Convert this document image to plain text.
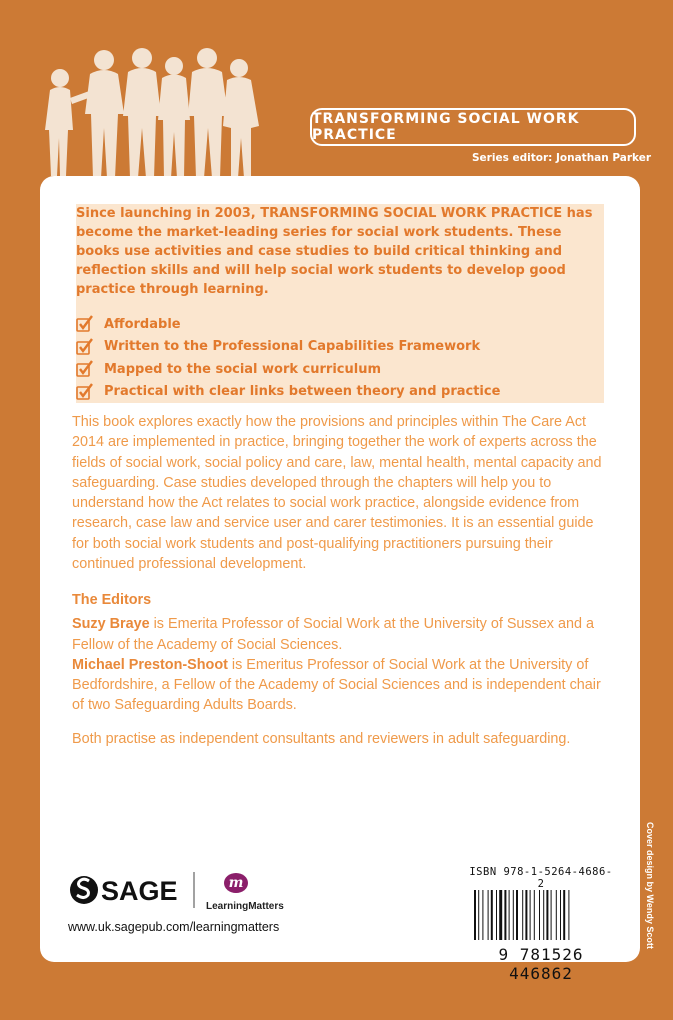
TRANSFORMING SOCIAL WORK PRACTICE
Series editor: Jonathan Parker

Since launching in 2003, TRANSFORMING SOCIAL WORK PRACTICE has become the market-leading series for social work students. These books use activities and case studies to build critical thinking and reflection skills and will help social work students to develop good practice through learning.

Affordable
Written to the Professional Capabilities Framework
Mapped to the social work curriculum
Practical with clear links between theory and practice

This book explores exactly how the provisions and principles within The Care Act 2014 are implemented in practice, bringing together the work of experts across the fields of social work, social policy and care, law, mental health, mental capacity and safeguarding. Case studies developed through the chapters will help you to understand how the Act relates to social work practice, alongside evidence from research, case law and service user and carer testimonies. It is an essential guide for both social work students and post-qualifying practitioners pursuing their continued professional development.

The Editors

Suzy Braye is Emerita Professor of Social Work at the University of Sussex and a Fellow of the Academy of Social Sciences.

Michael Preston-Shoot is Emeritus Professor of Social Work at the University of Bedfordshire, a Fellow of the Academy of Social Sciences and is independent chair of two Safeguarding Adults Boards.

Both practise as independent consultants and reviewers in adult safeguarding.

SAGE	m
LearningMatters
www.uk.sagepub.com/learningmatters
ISBN 978-1-5264-4686-2
9 781526 446862
Cover design by Wendy Scott
